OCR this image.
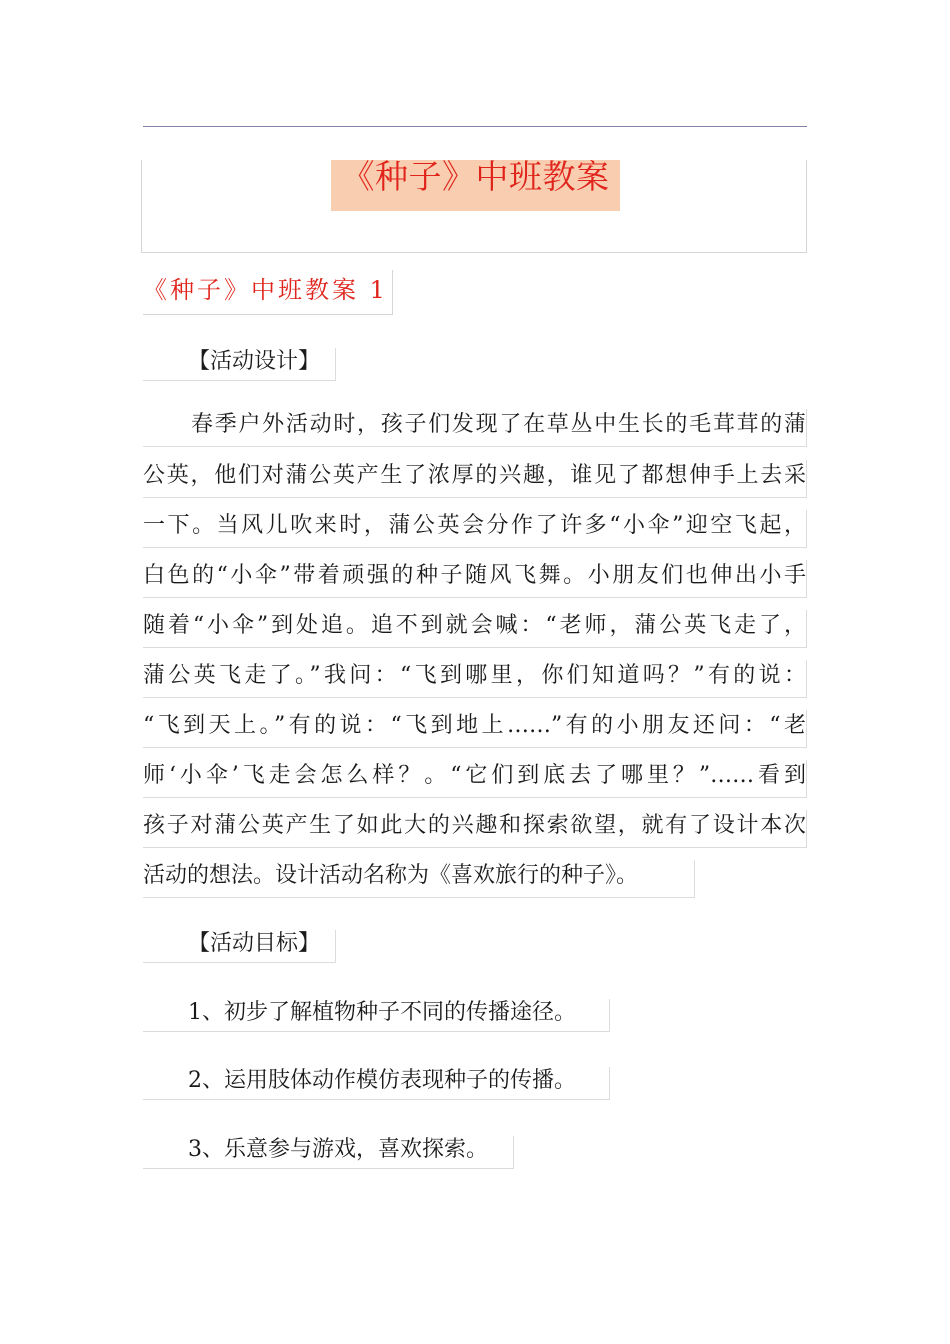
《种子》中班教案
《种子》中班教案 1
【活动设计】
春季户外活动时，孩子们发现了在草丛中生长的毛茸茸的蒲
公英，他们对蒲公英产生了浓厚的兴趣，谁见了都想伸手上去采
一下。当风儿吹来时，蒲公英会分作了许多“小伞”迎空飞起，
白色的“小伞”带着顽强的种子随风飞舞。小朋友们也伸出小手
随着“小伞”到处追。追不到就会喊：“老师，蒲公英飞走了，
蒲公英飞走了。”我问：“飞到哪里，你们知道吗？”有的说：
“飞到天上。”有的说：“飞到地上……”有的小朋友还问：“老
师‘小伞’飞走会怎么样？。“它们到底去了哪里？”……看到
孩子对蒲公英产生了如此大的兴趣和探索欲望，就有了设计本次
活动的想法。设计活动名称为《喜欢旅行的种子》。
【活动目标】
1、初步了解植物种子不同的传播途径。
2、运用肢体动作模仿表现种子的传播。
3、乐意参与游戏，喜欢探索。
